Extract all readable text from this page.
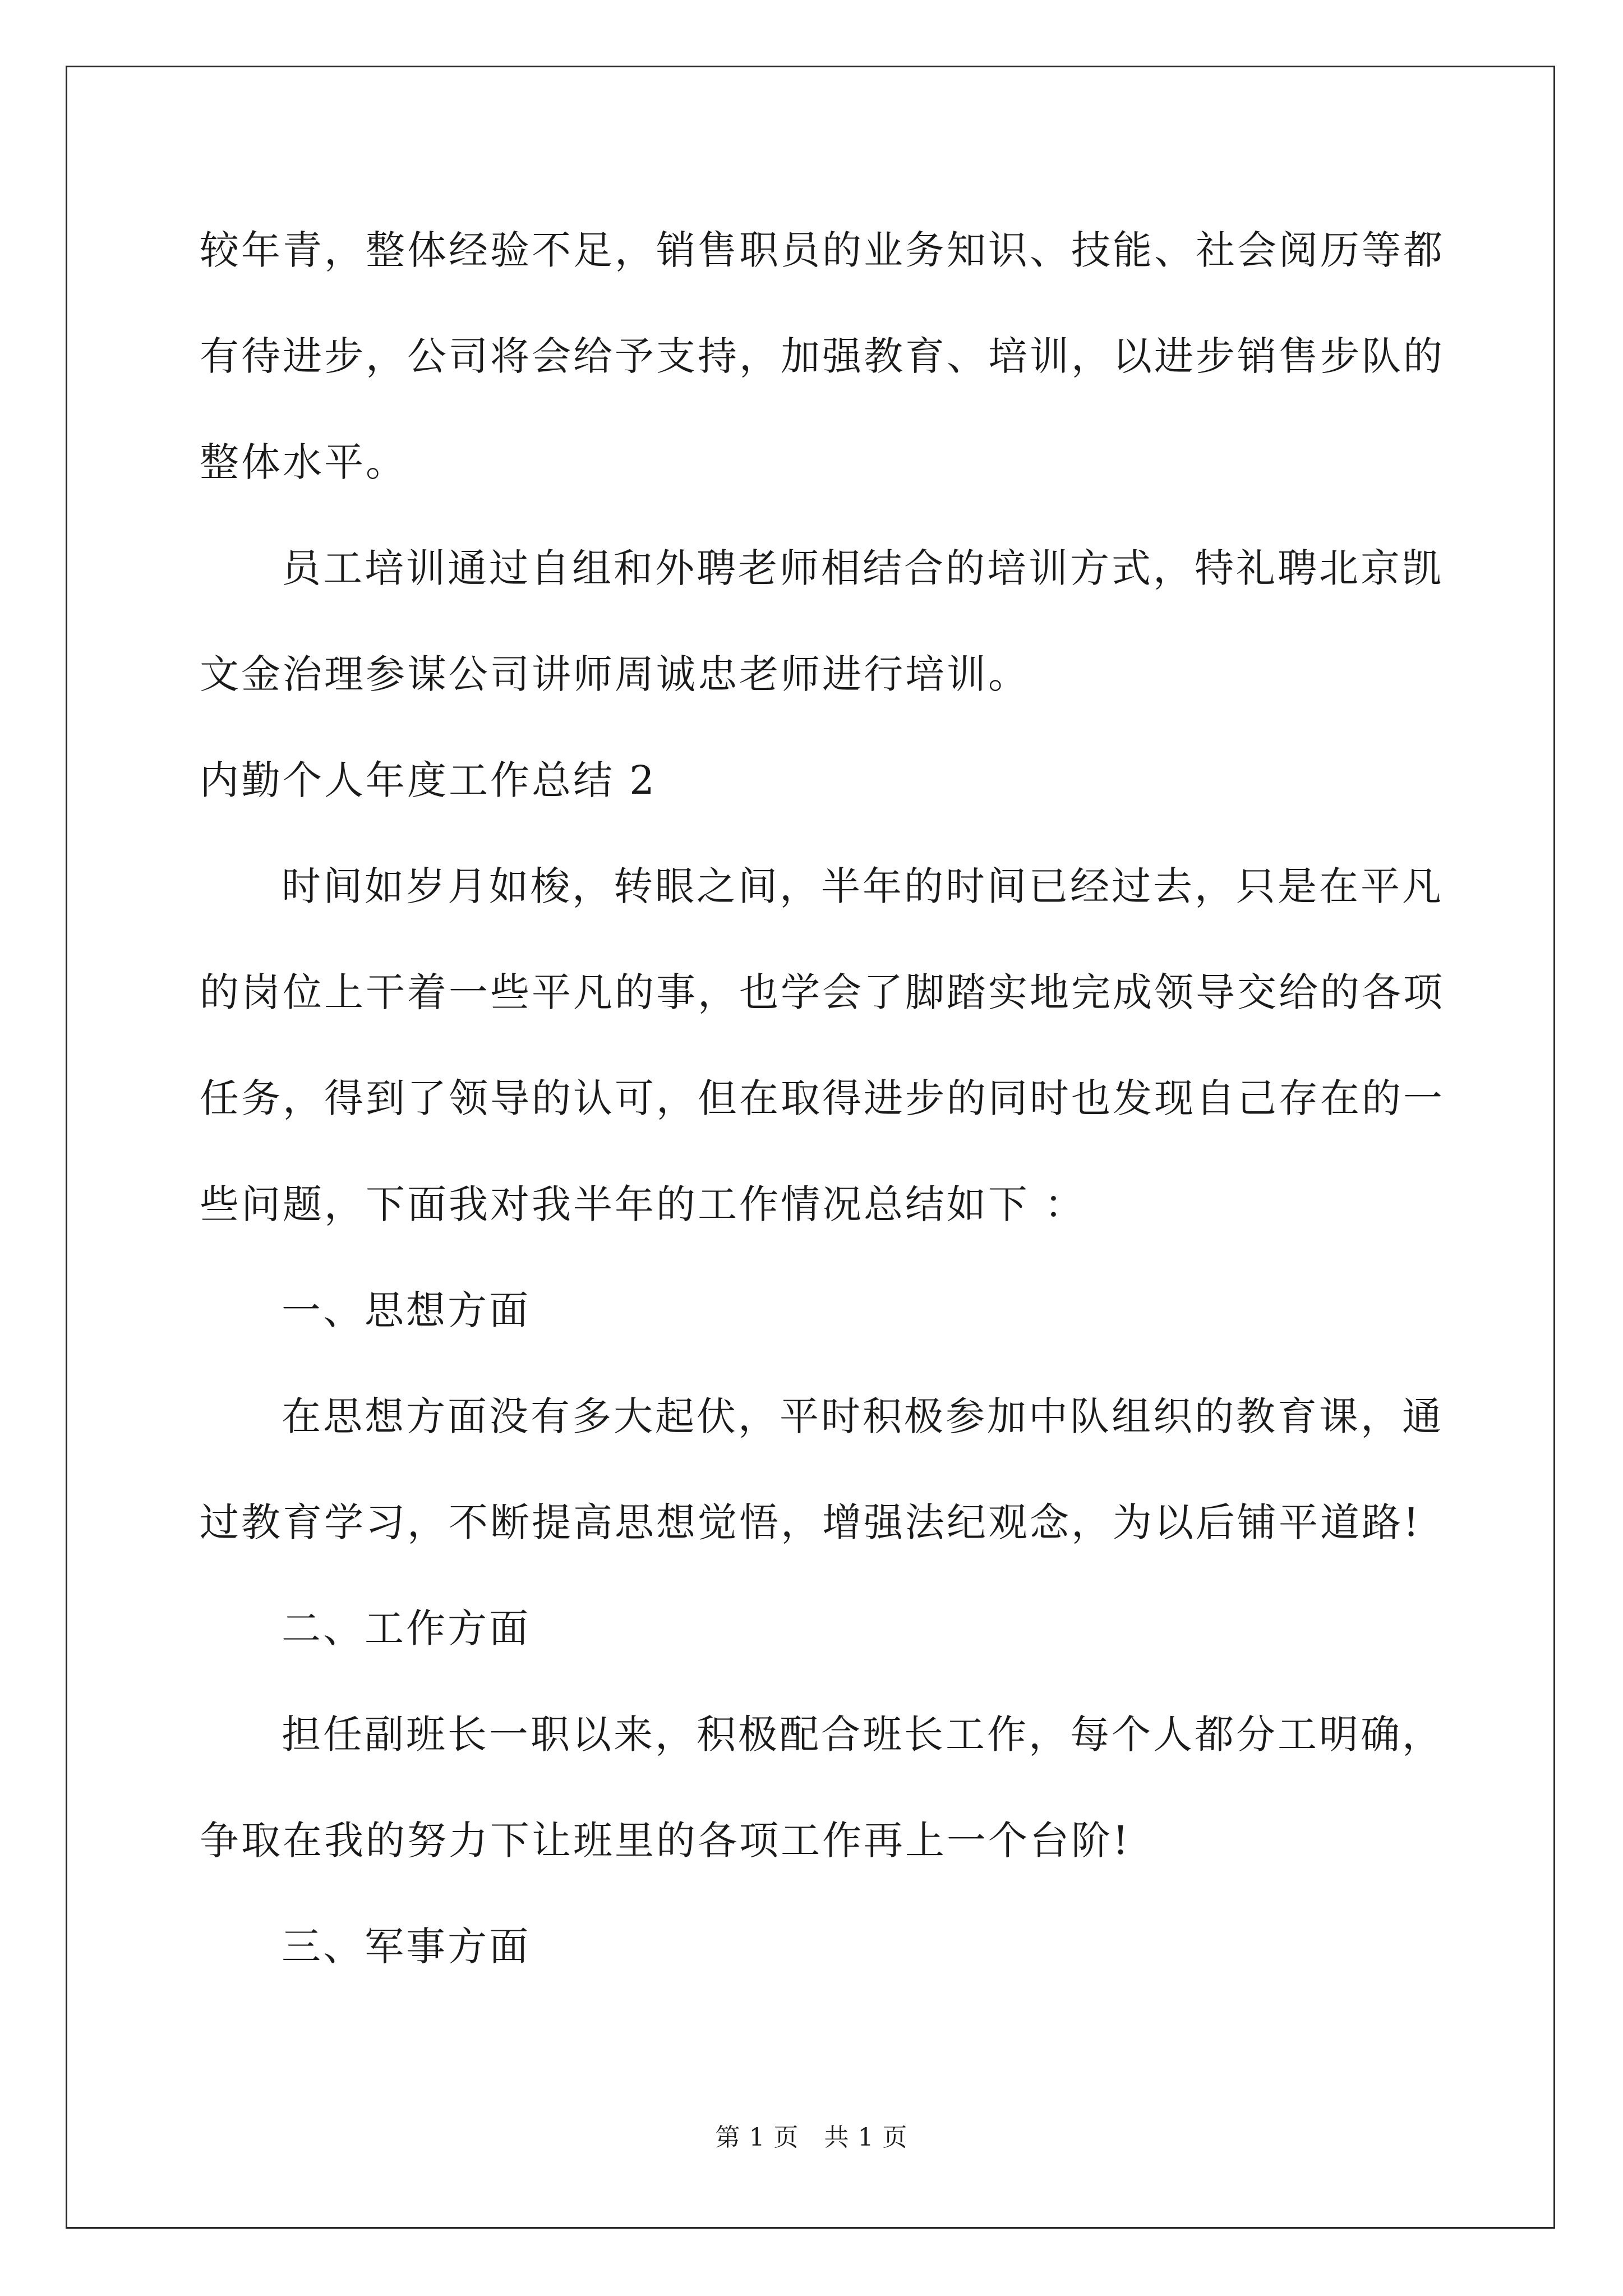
较年青，整体经验不足，销售职员的业务知识、技能、社会阅历等都
有待进步，公司将会给予支持，加强教育、培训，以进步销售步队的
整体水平。
员工培训通过自组和外聘老师相结合的培训方式，特礼聘北京凯
文金治理参谋公司讲师周诚忠老师进行培训。
内勤个人年度工作总结 2
时间如岁月如梭，转眼之间，半年的时间已经过去，只是在平凡
的岗位上干着一些平凡的事，也学会了脚踏实地完成领导交给的各项
任务，得到了领导的认可，但在取得进步的同时也发现自己存在的一
些问题，下面我对我半年的工作情况总结如下 ：
一、思想方面
在思想方面没有多大起伏，平时积极参加中队组织的教育课，通
过教育学习，不断提高思想觉悟，增强法纪观念，为以后铺平道路!
二、工作方面
担任副班长一职以来，积极配合班长工作，每个人都分工明确，
争取在我的努力下让班里的各项工作再上一个台阶!
三、军事方面
第 1 页   共 1 页
